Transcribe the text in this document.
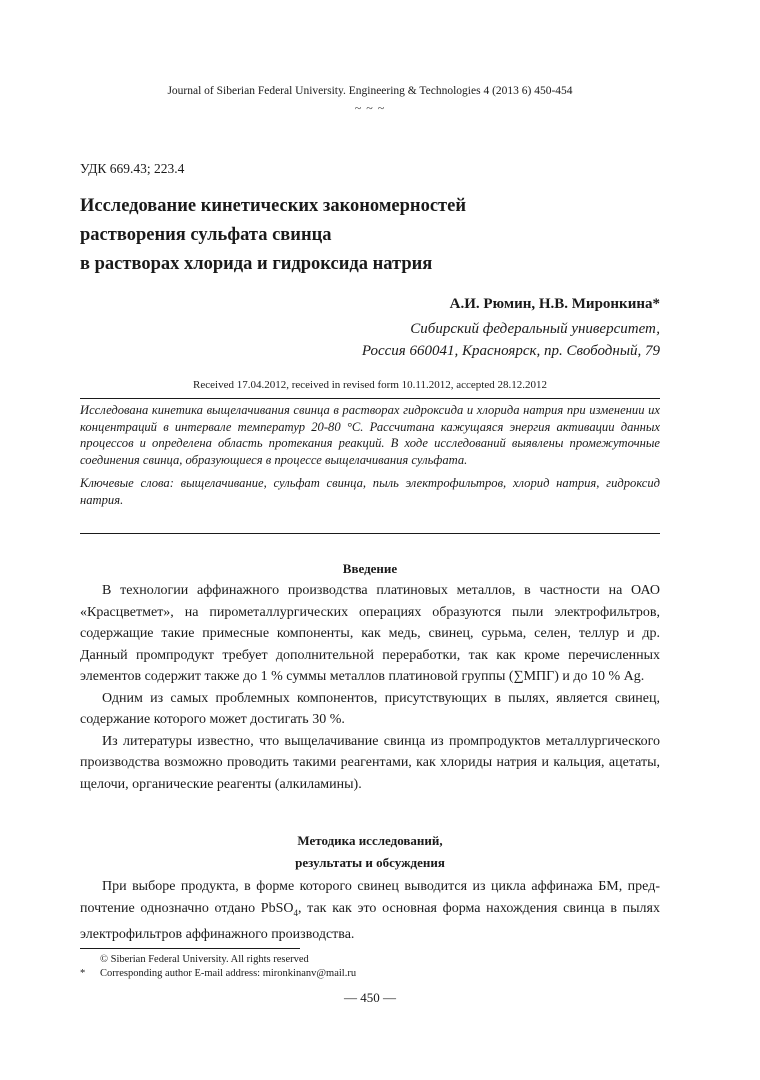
Journal of Siberian Federal University. Engineering & Technologies 4 (2013 6) 450-454
~ ~ ~
УДК 669.43; 223.4
Исследование кинетических закономерностей
растворения сульфата свинца
в растворах хлорида и гидроксида натрия
А.И. Рюмин, Н.В. Миронкина*
Сибирский федеральный университет,
Россия 660041, Красноярск, пр. Свободный, 79
Received 17.04.2012, received in revised form 10.11.2012, accepted 28.12.2012

Исследована кинетика выщелачивания свинца в растворах гидроксида и хлорида натрия при изменении их концентраций в интервале температур 20-80 °С. Рассчитана кажущаяся энергия активации данных процессов и определена область протекания реакций. В ходе исследований выявлены промежуточные соединения свинца, образующиеся в процессе выщелачивания сульфата.

Ключевые слова: выщелачивание, сульфат свинца, пыль электрофильтров, хлорид натрия, гидроксид натрия.

Введение

В технологии аффинажного производства платиновых металлов, в частности на ОАО «Красцветмет», на пирометаллургических операциях образуются пыли электрофильтров, содержащие такие примесные компоненты, как медь, свинец, сурьма, селен, теллур и др. Данный промпродукт требует дополнительной переработки, так как кроме перечисленных элементов содержит также до 1 % суммы металлов платиновой группы (∑МПГ) и до 10 % Ag.

Одним из самых проблемных компонентов, присутствующих в пылях, является свинец, содержание которого может достигать 30 %.

Из литературы известно, что выщелачивание свинца из промпродуктов металлургического производства возможно проводить такими реагентами, как хлориды натрия и кальция, ацетаты, щелочи, органические реагенты (алкиламины).

Методика исследований,
результаты и обсуждения

При выборе продукта, в форме которого свинец выводится из цикла аффинажа БМ, предпочтение однозначно отдано PbSO$_4$, так как это основная форма нахождения свинца в пылях электрофильтров аффинажного производства.

© Siberian Federal University. All rights reserved
*	Corresponding author E-mail address: mironkinanv@mail.ru
— 450 —
